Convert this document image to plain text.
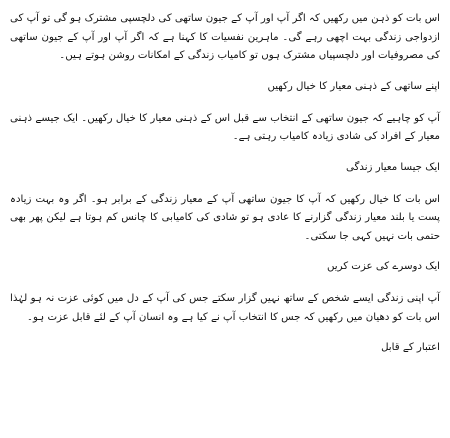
اس بات کو ذہن میں رکھیں کہ اگر آپ اور آپ کے جیون ساتھی کی دلچسپی مشترک ہو گی تو آپ کی ازدواجی زندگی بہت اچھی رہے گی۔ ماہرین نفسیات کا کہنا ہے کہ اگر آپ اور آپ کے جیون ساتھی کی مصروفیات اور دلچسپیاں مشترک ہوں تو کامیاب زندگی کے امکانات روشن ہوتے ہیں۔

اپنے ساتھی کے ذہنی معیار کا خیال رکھیں

آپ کو چاہیے کہ جیون ساتھی کے انتخاب سے قبل اس کے ذہنی معیار کا خیال رکھیں۔ ایک جیسے ذہنی معیار کے افراد کی شادی زیادہ کامیاب رہتی ہے۔

ایک جیسا معیار زندگی

اس بات کا خیال رکھیں کہ آپ کا جیون ساتھی آپ کے معیار زندگی کے برابر ہو۔ اگر وہ بہت زیادہ پست یا بلند معیار زندگی گزارنے کا عادی ہو تو شادی کی کامیابی کا چانس کم ہوتا ہے لیکن پھر بھی حتمی بات نہیں کہی جا سکتی۔

ایک دوسرے کی عزت کریں

آپ اپنی زندگی ایسے شخص کے ساتھ نہیں گزار سکتے جس کی آپ کے دل میں کوئی عزت نہ ہو لہٰذا اس بات کو دھیان میں رکھیں کہ جس کا انتخاب آپ نے کیا ہے وہ انسان آپ کے لئے قابل عزت ہو۔

اعتبار کے قابل
